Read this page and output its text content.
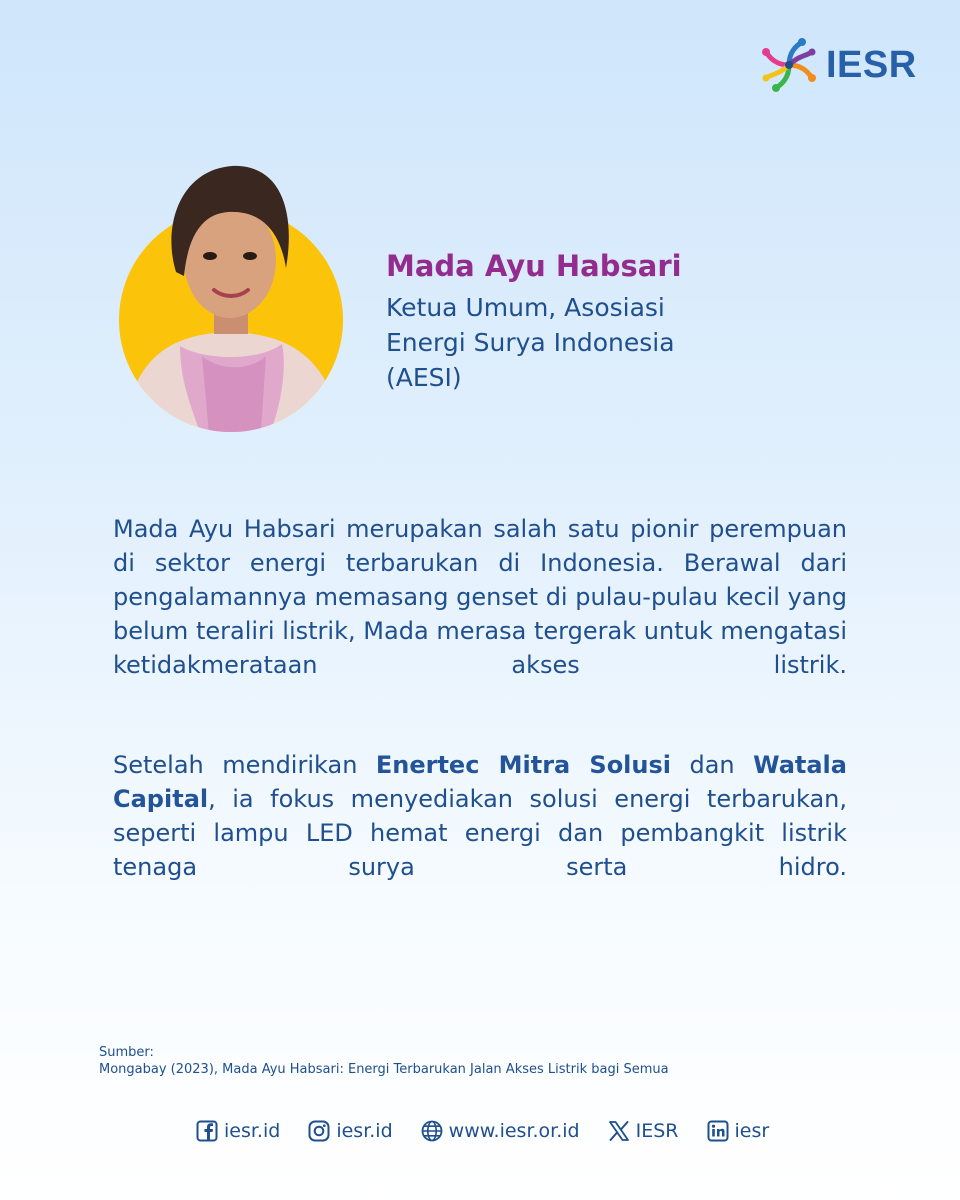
IESR
Mada Ayu Habsari
Ketua Umum, Asosiasi
Energi Surya Indonesia
(AESI)

Mada Ayu Habsari merupakan salah satu pionir perempuan di sektor energi terbarukan di Indonesia. Berawal dari pengalamannya memasang genset di pulau-pulau kecil yang belum teraliri listrik, Mada merasa tergerak untuk mengatasi ketidakmerataan akses listrik.

Setelah mendirikan Enertec Mitra Solusi dan Watala Capital, ia fokus menyediakan solusi energi terbarukan, seperti lampu LED hemat energi dan pembangkit listrik tenaga surya serta hidro.

Sumber:
Mongabay (2023), Mada Ayu Habsari: Energi Terbarukan Jalan Akses Listrik bagi Semua
iesr.id	iesr.id	www.iesr.or.id	IESR	iesr
